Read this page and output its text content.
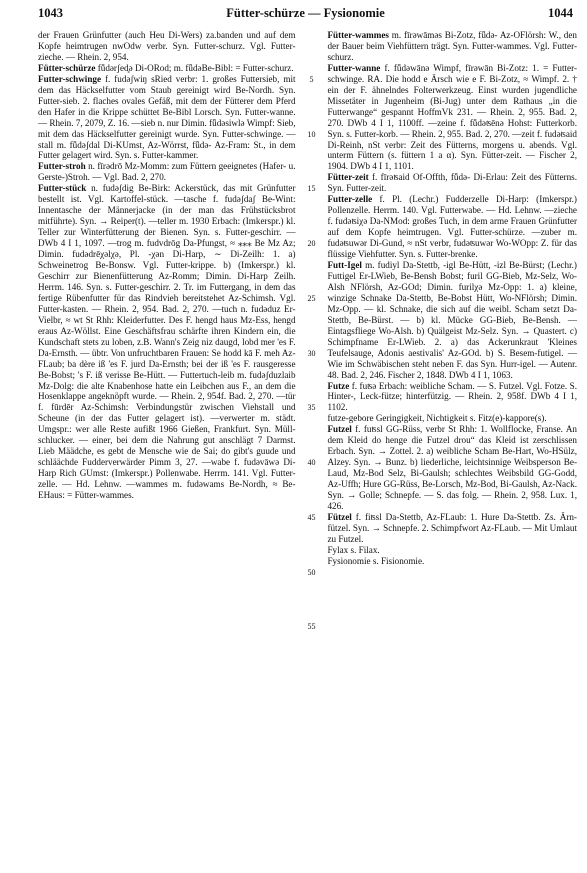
1043	Fütter-schürze — Fysionomie	1044

der Frauen Grünfutter (auch Heu Di-Wers) za.banden und auf dem Kopfe heimtrugen nwOdw verbr. Syn. Futter-schurz. Vgl. Futter-zieche. — Rhein. 2, 954.

Fütter-schürze fǖdərʃed̥ə Di-ORod; m. fǖdəBe-Bibl: = Futter-schurz.

Futter-schwinge f. fudəʃwiŋ sRied verbr: 1. großes Futtersieb, mit dem das Häckselfutter vom Staub gereinigt wird Be-Nordh. Syn. Futter-sieb. 2. flaches ovales Gefäß, mit dem der Fütterer dem Pferd den Hafer in die Krippe schüttet Be-Bibl Lorsch. Syn. Futter-wanne. — Rhein. 7, 2079, Z. 16. —sieb n. nur Dimin. fǖdəsiwlə Wimpf: Sieb, mit dem das Häckselfutter gereinigt wurde. Syn. Futter-schwinge. —stall m. fǖdəʃdal Di-KUmst, Az-Wörrst, fǖdə- Az-Fram: St., in dem Futter gelagert wird. Syn. s. Futter-kammer.

Futter-stroh n. fīrədrō Mz-Momm: zum Füttern geeignetes (Hafer- u. Gerste-)Stroh. — Vgl. Bad. 2, 270.

Futter-stück n. fudəʃdig Be-Birk: Ackerstück, das mit Grünfutter bestellt ist. Vgl. Kartoffel-stück. —tasche f. fudəʃdaʃ Be-Wint: Innentasche der Männerjacke (in der man das Frühstücksbrot mitführte). Syn. → Reiper(t). —teller m. 1930 Erbach: (Imkerspr.) kl. Teller zur Winterfütterung der Bienen. Syn. s. Futter-geschirr. — DWb 4 I 1, 1097. —trog m. fudvdrōg Da-Pfungst, ≈ ⁎⁎⁎ Be Mz Az; Dimin. fudədrēχəlχə, Pl. -χən Di-Harp, ∼ Di-Zeilh: 1. a) Schweinetrog Be-Bonsw. Vgl. Futter-krippe. b) (Imkerspr.) kl. Geschirr zur Bienenfütterung Az-Romm; Dimin. Di-Harp Zeilh. Herrm. 146. Syn. s. Futter-geschirr. 2. Tr. im Futtergang, in dem das fertige Rübenfutter für das Rindvieh bereitstehet Az-Schimsh. Vgl. Futter-kasten. — Rhein. 2, 954. Bad. 2, 270. —tuch n. fudəduz Er-Vielbr, ≈ wt St Rhh: Kleiderfutter. Des F. hengd haus Mz-Ess, hengd eraus Az-Wöllst. Eine Geschäftsfrau schärfte ihren Kindern ein, die Kundschaft stets zu loben, z.B. Wann's Zeig niz daugd, lobd mer 'es F. Da-Ernsth. — übtr. Von unfruchtbaren Frauen: Se hodd kā F. meh Az-FLaub; ba dère iß 'es F. jurd Da-Ernsth; bei der iß 'es F. rausgeresse Be-Bobst; 's F. iß verisse Be-Hütt. — Futtertuch-leib m. fudəʃduzlaib Mz-Dolg: die alte Knabenhose hatte ein Leibchen aus F., an dem die Hosenklappe angeknöpft wurde. — Rhein. 2, 954f. Bad. 2, 270. —tür f. fūrdēr Az-Schimsh: Verbindungstür zwischen Viehstall und Scheune (in der das Futter gelagert ist). —verwerter m. städt. Umgspr.: wer alle Reste aufißt 1966 Gießen, Frankfurt. Syn. Müll-schlucker. — einer, bei dem die Nahrung gut anschlägt 7 Darmst. Lieb Määdche, es gebt de Mensche wie de Sai; do gibt's guude und schläächde Fudderverwärder Pimm 3, 27. —wabe f. fudəvāwə Di-Harp Rich GUmst: (Imkerspr.) Pollenwabe. Herrm. 141. Vgl. Futter-zelle. — Hd. Lehnw. —wammes m. fudəwams Be-Nordh, ≈ Be-EHaus: = Fütter-wammes.

5
10
15
20
25
30
35
40
45
50
55

Fütter-wammes m. fīrəwāməs Bi-Zotz, fǖdə- Az-OFlörsh: W., den der Bauer beim Viehfüttern trägt. Syn. Futter-wammes. Vgl. Futter-schurz.

Futter-wanne f. fǖdəwānə Wimpf, fīrəwān Bi-Zotz: 1. = Futter-schwinge. RA. Die hodd e Ärsch wie e F. Bi-Zotz, ≈ Wimpf. 2. † ein der F. ähnelndes Folterwerkzeug. Einst wurden jugendliche Missetäter in Jugenheim (Bi-Jug) unter dem Rathaus „in die Futterwange“ gespannt HoffmVk 231. — Rhein. 2, 955. Bad. 2, 270. DWb 4 I 1, 1100ff. —zeine f. fǖdəʦēnə Hohst: Futterkorb. Syn. s. Futter-korb. — Rhein. 2, 955. Bad. 2, 270. —zeit f. fudəʦaid Di-Reinh, nSt verbr: Zeit des Fütterns, morgens u. abends. Vgl. unterm Füttern (s. füttern 1 a α). Syn. Fütter-zeit. — Fischer 2, 1904. DWb 4 I 1, 1101.

Fütter-zeit f. fīrəʦaid Of-Offth, fǖdə- Di-Erlau: Zeit des Fütterns. Syn. Futter-zeit.

Futter-zelle f. Pl. (Lechr.) Fudderzelle Di-Harp: (Imkerspr.) Pollenzelle. Herrm. 140. Vgl. Futterwabe. — Hd. Lehnw. —zieche f. fudəʦiχə Da-NMod: großes Tuch, in dem arme Frauen Grünfutter auf dem Kopfe heimtrugen. Vgl. Futter-schürze. —zuber m. fudəʦuwər Di-Gund, ≈ nSt verbr, fudəʦuwər Wo-WOpp: Z. für das flüssige Viehfutter. Syn. s. Futter-brenke.

Futt-Igel m. fudiyl Da-Stettb, -igl Be-Hütt, -izl Be-Bürst; (Lechr.) Futtigel Er-LWieb, Be-Bensh Bobst; furil GG-Bieb, Mz-Selz, Wo-Alsh NFlörsh, Az-GOd; Dimin. furilχə Mz-Opp: 1. a) kleine, winzige Schnake Da-Stettb, Be-Bobst Hütt, Wo-NFlörsh; Dimin. Mz-Opp. — kl. Schnake, die sich auf die weibl. Scham setzt Da-Stettb, Be-Bürst. — b) kl. Mücke GG-Bieb, Be-Bensh. — Eintagsfliege Wo-Alsh. b) Quälgeist Mz-Selz. Syn. → Quastert. c) Schimpfname Er-LWieb. 2. a) das Ackerunkraut 'Kleines Teufelsauge, Adonis aestivalis' Az-GOd. b) S. Besem-futigel. — Wie im Schwäbischen steht neben F. das Syn. Hurr-igel. — Autenr. 48. Bad. 2, 246. Fischer 2, 1848. DWb 4 I 1, 1063.

Futze f. fuʦə Erbach: weibliche Scham. — S. Futzel. Vgl. Fotze. S. Hinter-, Leck-fütze; hinterfützig. — Rhein. 2, 958f. DWb 4 I 1, 1102.

futze-gebore Geringigkeit, Nichtigkeit s. Fitz(e)-kappore(s).

Futzel f. fuʦsl GG-Rüss, verbr St Rhh: 1. Wollflocke, Franse. An dem Kleid do henge die Futzel drou“ das Kleid ist zerschlissen Erbach. Syn. → Zottel. 2. a) weibliche Scham Be-Hart, Wo-HSülz, Alzey. Syn. → Bunz. b) liederliche, leichtsinnige Weibsperson Be-Laud, Mz-Bod Selz, Bi-Gaulsh; schlechtes Weibsbild GG-Godd, Az-Uffh; Hure GG-Rüss, Be-Lorsch, Mz-Bod, Bi-Gaulsh, Az-Nack. Syn. → Golle; Schnepfe. — S. das folg. — Rhein. 2, 958. Lux. 1, 426.

Fützel f. fiʦsl Da-Stettb, Az-FLaub: 1. Hure Da-Stettb. Zs. Ärn-fützel. Syn. → Schnepfe. 2. Schimpfwort Az-FLaub. — Mit Umlaut zu Futzel.

Fylax s. Filax.

Fysionomie s. Fisionomie.
